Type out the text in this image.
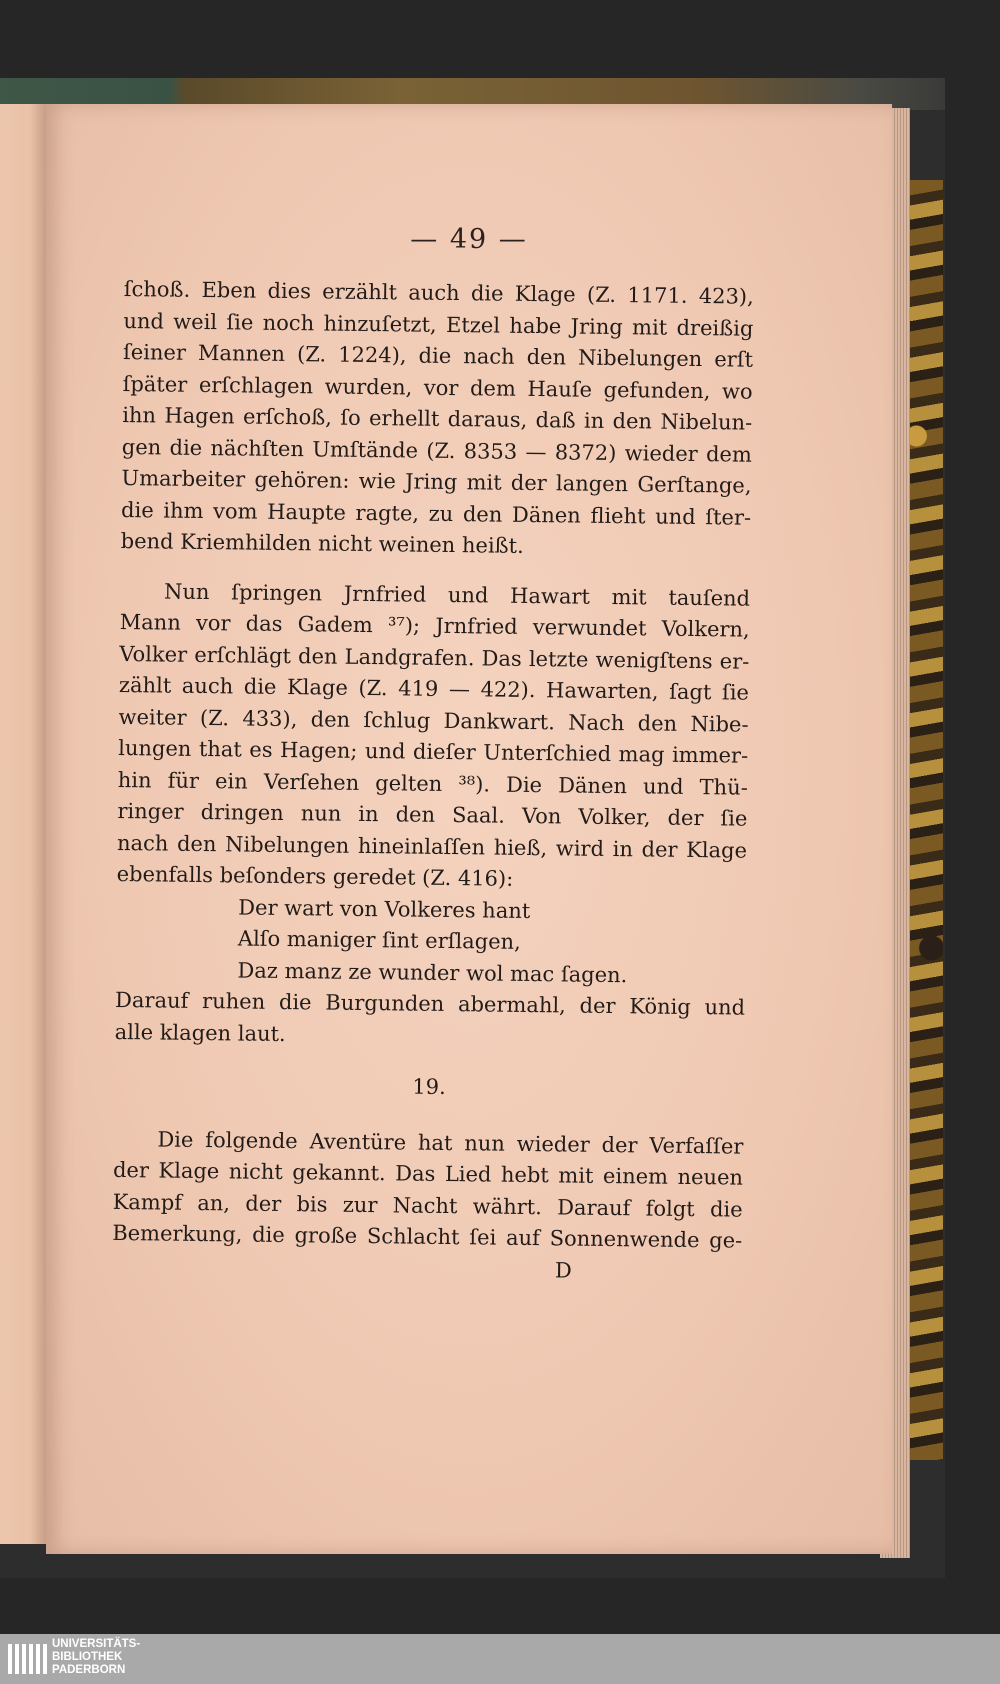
— 49 —
ſchoß. Eben dies erzählt auch die Klage (Z. 1171. 423),
und weil ſie noch hinzuſetzt, Etzel habe Jring mit dreißig
ſeiner Mannen (Z. 1224), die nach den Nibelungen erſt
ſpäter erſchlagen wurden, vor dem Hauſe gefunden, wo
ihn Hagen erſchoß, ſo erhellt daraus, daß in den Nibelun-
gen die nächſten Umſtände (Z. 8353 — 8372) wieder dem
Umarbeiter gehören: wie Jring mit der langen Gerſtange,
die ihm vom Haupte ragte, zu den Dänen flieht und ſter-
bend Kriemhilden nicht weinen heißt.
Nun ſpringen Jrnfried und Hawart mit tauſend
Mann vor das Gadem ³⁷); Jrnfried verwundet Volkern,
Volker erſchlägt den Landgrafen. Das letzte wenigſtens er-
zählt auch die Klage (Z. 419 — 422). Hawarten, ſagt ſie
weiter (Z. 433), den ſchlug Dankwart. Nach den Nibe-
lungen that es Hagen; und dieſer Unterſchied mag immer-
hin für ein Verſehen gelten ³⁸). Die Dänen und Thü-
ringer dringen nun in den Saal. Von Volker, der ſie
nach den Nibelungen hineinlaſſen hieß, wird in der Klage
ebenfalls beſonders geredet (Z. 416):
Der wart von Volkeres hant
Alſo maniger ſint erſlagen,
Daz manz ze wunder wol mac ſagen.
Darauf ruhen die Burgunden abermahl, der König und
alle klagen laut.
19.
Die folgende Aventüre hat nun wieder der Verfaſſer
der Klage nicht gekannt. Das Lied hebt mit einem neuen
Kampf an, der bis zur Nacht währt. Darauf folgt die
Bemerkung, die große Schlacht ſei auf Sonnenwende ge-
D
UNIVERSITÄTS-
BIBLIOTHEK
PADERBORN
